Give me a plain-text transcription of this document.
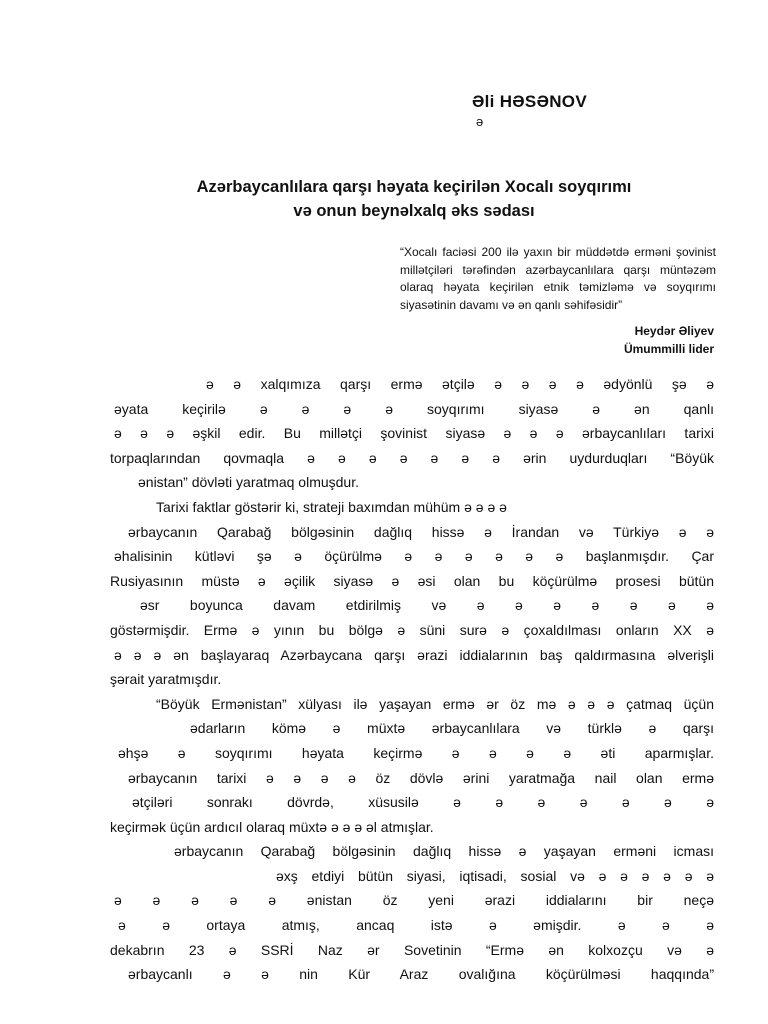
Əli HƏSƏNOV
ə
Azərbaycanlılara qarşı həyata keçirilən Xocalı soyqırımı
və onun beynəlxalq əks sədası
“Xocalı faciəsi 200 ilə yaxın bir müddətdə erməni şovinist millətçiləri tərəfindən azərbaycanlılara qarşı müntəzəm olaraq həyata keçirilən etnik təmizləmə və soyqırımı siyasətinin davamı və ən qanlı səhifəsidir”
Heydər Əliyev
Ümummilli lider
ə ə xalqımıza qarşı ermə ətçilə ə ə ə ə ədyönlü şə ə
əyata keçirilə ə ə ə ə soyqırımı siyasə ə ən qanlı
ə ə ə əşkil edir. Bu millətçi şovinist siyasə ə ə ə ərbaycanlıları tarixi
torpaqlarından qovmaqla ə ə ə ə ə ə ə ərin uydurduqları “Böyük
ənistan” dövləti yaratmaq olmuşdur.
Tarixi faktlar göstərir ki, strateji baxımdan mühüm ə ə ə ə
ərbaycanın Qarabağ bölgəsinin dağlıq hissə ə İrandan və Türkiyə ə ə
əhalisinin kütləvi şə ə öçürülmə ə ə ə ə ə ə başlanmışdır. Çar
Rusiyasının müstə ə əçilik siyasə ə əsi olan bu köçürülmə prosesi bütün
əsr boyunca davam etdirilmiş və ə ə ə ə ə ə ə
göstərmişdir. Ermə ə yının bu bölgə ə süni surə ə çoxaldılması onların XX ə
ə ə ə ən başlayaraq Azərbaycana qarşı ərazi iddialarının baş qaldırmasına əlverişli
şərait yaratmışdır.
“Böyük Ermənistan” xülyası ilə yaşayan ermə ər öz mə ə ə ə çatmaq üçün
ədarların kömə ə müxtə ərbaycanlılara və türklə ə qarşı
əhşə ə soyqırımı həyata keçirmə ə ə ə ə əti aparmışlar.
ərbaycanın tarixi ə ə ə ə öz dövlə ərini yaratmağa nail olan ermə
ətçiləri sonrakı dövrdə, xüsusilə ə ə ə ə ə ə ə
keçirmək üçün ardıcıl olaraq müxtə ə ə ə əl atmışlar.
ərbaycanın Qarabağ bölgəsinin dağlıq hissə ə yaşayan erməni icması
əxş etdiyi bütün siyasi, iqtisadi, sosial və ə ə ə ə ə ə
ə ə ə ə ə ənistan öz yeni ərazi iddialarını bir neçə
ə ə ortaya atmış, ancaq istə ə əmişdir. ə ə ə
dekabrın 23 ə SSRİ Naz ər Sovetinin “Ermə ən kolxozçu və ə
ərbaycanlı ə ə nin Kür Araz ovalığına köçürülməsi haqqında”
